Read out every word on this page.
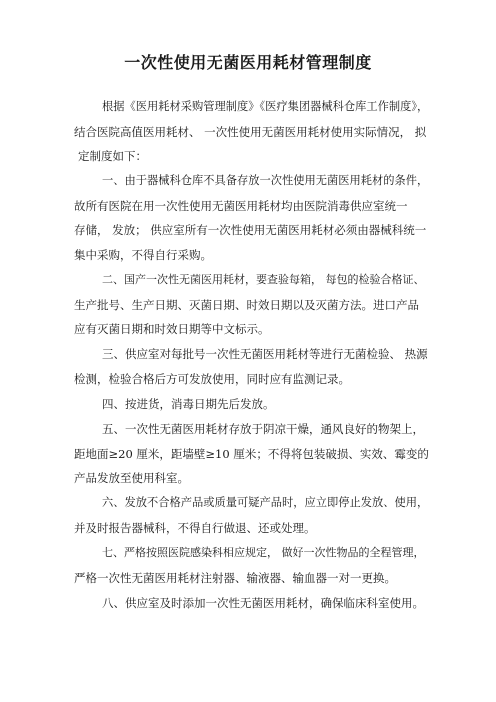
一次性使用无菌医用耗材管理制度

根据《医用耗材采购管理制度》《医疗集团器械科仓库工作制度》，
结合医院高值医用耗材、 一次性使用无菌医用耗材使用实际情况， 拟
定制度如下：

一、由于器械科仓库不具备存放一次性使用无菌医用耗材的条件，
故所有医院在用一次性使用无菌医用耗材均由医院消毒供应室统一
存储， 发放； 供应室所有一次性使用无菌医用耗材必须由器械科统一
集中采购，不得自行采购。

二、国产一次性无菌医用耗材，要查验每箱， 每包的检验合格证、
生产批号、生产日期、灭菌日期、时效日期以及灭菌方法。进口产品
应有灭菌日期和时效日期等中文标示。

三、供应室对每批号一次性无菌医用耗材等进行无菌检验、 热源
检测，检验合格后方可发放使用，同时应有监测记录。

四、按进货，消毒日期先后发放。

五、一次性无菌医用耗材存放于阴凉干燥，通风良好的物架上，
距地面≥20 厘米，距墙壁≥10 厘米；不得将包装破损、实效、霉变的
产品发放至使用科室。

六、发放不合格产品或质量可疑产品时，应立即停止发放、使用，
并及时报告器械科，不得自行做退、还或处理。

七、严格按照医院感染科相应规定， 做好一次性物品的全程管理，
严格一次性无菌医用耗材注射器、输液器、输血器一对一更换。

八、供应室及时添加一次性无菌医用耗材，确保临床科室使用。
